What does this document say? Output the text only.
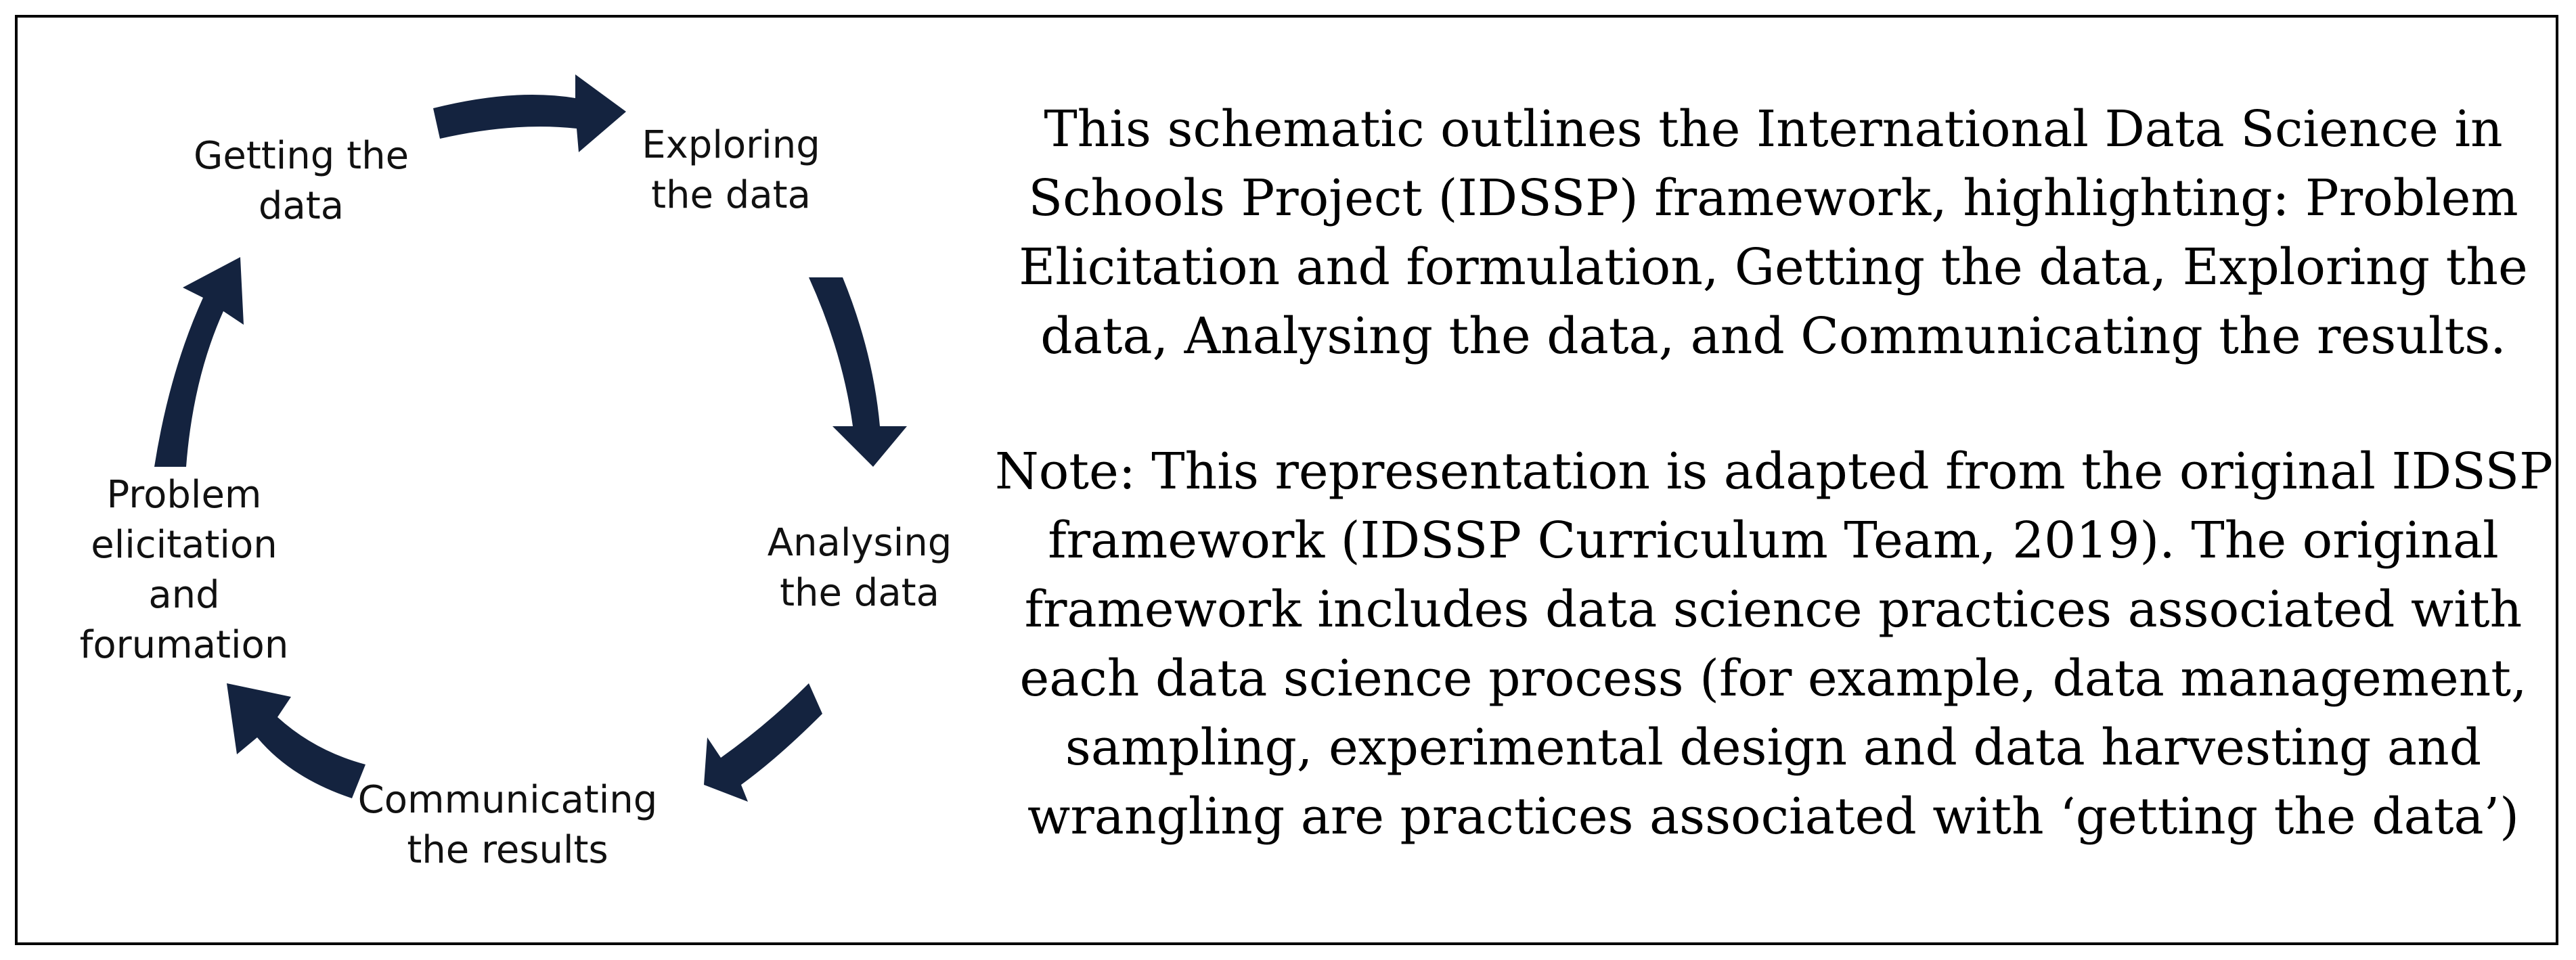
Getting the
data
Exploring
the data
Analysing
the data
Communicating
the results
Problem
elicitation
and
forumation

This schematic outlines the International Data Science in

Schools Project (IDSSP) framework, highlighting: Problem

Elicitation and formulation, Getting the data, Exploring the

data, Analysing the data, and Communicating the results.

Note: This representation is adapted from the original IDSSP

framework (IDSSP Curriculum Team, 2019). The original

framework includes data science practices associated with

each data science process (for example, data management,

sampling, experimental design and data harvesting and

wrangling are practices associated with ‘getting the data’)
